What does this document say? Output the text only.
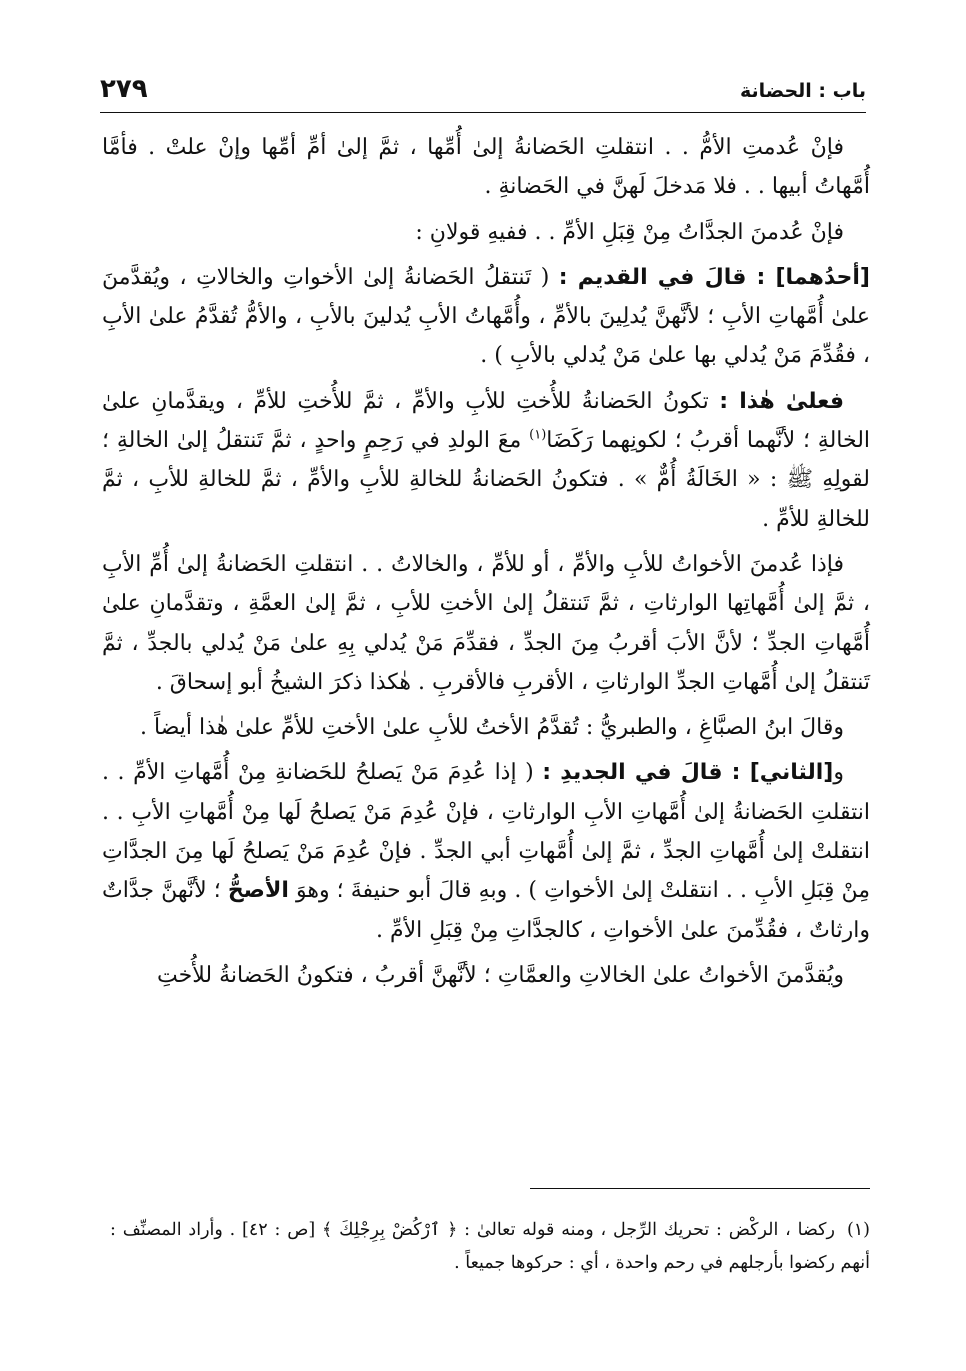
باب : الحضانة
٢٧٩

فإنْ عُدمتِ الأمُّ . . انتقلتِ الحَضانةُ إلىٰ أُمِّها ، ثمَّ إلىٰ أمِّ أمِّها وإنْ علتْ . فأمَّا أُمَّهاتُ أبيها . . فلا مَدخلَ لَهنَّ في الحَضانةِ .

فإنْ عُدمنَ الجدَّاتُ مِنْ قِبَلِ الأمِّ . . ففيهِ قولانِ :

[أحدُهما] : قالَ في القديم : ( تَنتقلُ الحَضانةُ إلىٰ الأخواتِ والخالاتِ ، ويُقدَّمنَ علىٰ أُمَّهاتِ الأبِ ؛ لأنَّهنَّ يُدلِينَ بالأمِّ ، وأُمَّهاتُ الأبِ يُدلينَ بالأبِ ، والأمُّ تُقدَّمُ علىٰ الأبِ ، فقُدِّمَ مَنْ يُدلي بها علىٰ مَنْ يُدلي بالأبِ ) .

فعلىٰ هٰذا : تكونُ الحَضانةُ للأُختِ للأبِ والأمِّ ، ثمَّ للأُختِ للأمِّ ، ويقدَّمانِ علىٰ الخالةِ ؛ لأنَّهما أقربُ ؛ لكونِهما رَكَضَا$^{(١)}$ معَ الولدِ في رَحِمٍ واحدٍ ، ثمَّ تَنتقلُ إلىٰ الخالةِ ؛ لقولِهِ ﷺ : « الخَالَةُ أُمٌّ » . فتكونُ الحَضانةُ للخالةِ للأبِ والأمِّ ، ثمَّ للخالةِ للأبِ ، ثمَّ للخالةِ للأمِّ .

فإذا عُدمنَ الأخواتُ للأبِ والأمِّ ، أو للأمِّ ، والخالاتُ . . انتقلتِ الحَضانةُ إلىٰ أُمِّ الأبِ ، ثمَّ إلىٰ أُمَّهاتِها الوارثاتِ ، ثمَّ تَنتقلُ إلىٰ الأختِ للأبِ ، ثمَّ إلىٰ العمَّةِ ، وتقدَّمانِ علىٰ أُمَّهاتِ الجدِّ ؛ لأنَّ الأبَ أقربُ مِنَ الجدِّ ، فقدِّمَ مَنْ يُدلي بِهِ علىٰ مَنْ يُدلي بالجدِّ ، ثمَّ تَنتقلُ إلىٰ أُمَّهاتِ الجدِّ الوارثاتِ ، الأقربِ فالأقربِ . هٰكذا ذكرَ الشيخُ أبو إسحاقَ .

وقالَ ابنُ الصبَّاغِ ، والطبريُّ : تُقدَّمُ الأختُ للأبِ علىٰ الأختِ للأمِّ علىٰ هٰذا أيضاً .

و[الثاني] : قالَ في الجديدِ : ( إذا عُدِمَ مَنْ يَصلحُ للحَضانةِ مِنْ أُمَّهاتِ الأمِّ . . انتقلتِ الحَضانةُ إلىٰ أُمَّهاتِ الأبِ الوارثاتِ ، فإنْ عُدِمَ مَنْ يَصلحُ لَها مِنْ أُمَّهاتِ الأبِ . . انتقلتْ إلىٰ أُمَّهاتِ الجدِّ ، ثمَّ إلىٰ أُمَّهاتِ أبي الجدِّ . فإنْ عُدِمَ مَنْ يَصلحُ لَها مِنَ الجدَّاتِ مِنْ قِبَلِ الأبِ . . انتقلتْ إلىٰ الأخواتِ ) . وبهِ قالَ أبو حنيفةَ ؛ وهوَ الأصحُّ ؛ لأنَّهنَّ جدَّاتٌ وارثاتٌ ، فقُدِّمنَ علىٰ الأخواتِ ، كالجدَّاتِ مِنْ قِبَلِ الأمِّ .

ويُقدَّمنَ الأخواتُ علىٰ الخالاتِ والعمَّاتِ ؛ لأنَّهنَّ أقربُ ، فتكونُ الحَضانةُ للأُختِ

(١)ركضا ، الركْض : تحريك الرِّجل ، ومنه قوله تعالىٰ : ﴿ ٱرْكُضْ بِرِجْلِكَ ﴾ [ص : ٤٢] . وأراد المصنِّف : أنهم ركضوا بأرجلهم في رحم واحدة ، أي : حركوها جميعاً .
